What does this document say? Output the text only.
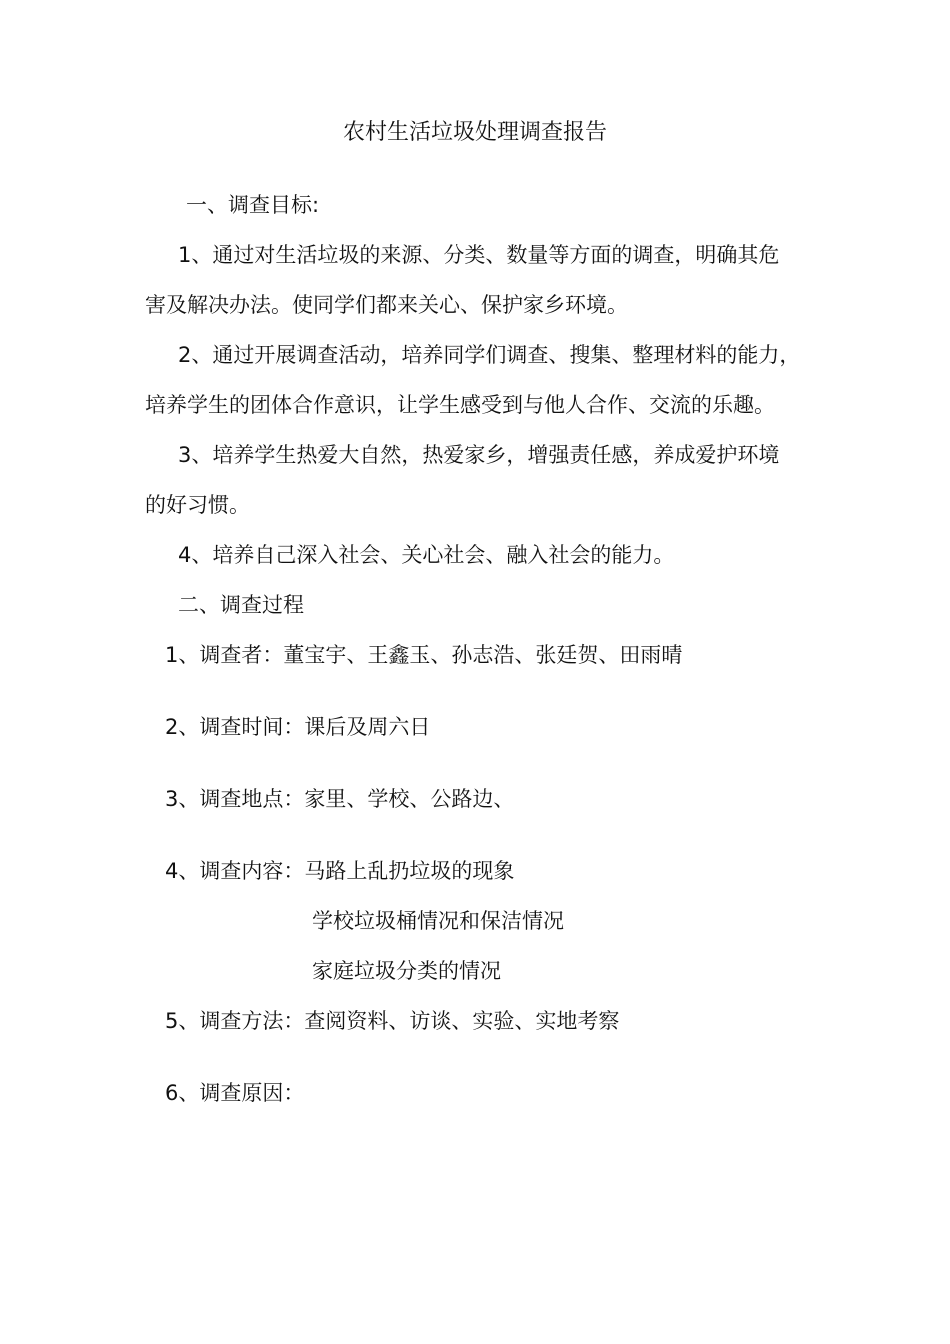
农村生活垃圾处理调查报告

一、调查目标:

1、通过对生活垃圾的来源、分类、数量等方面的调查，明确其危

害及解决办法。使同学们都来关心、保护家乡环境。

2、通过开展调查活动，培养同学们调查、搜集、整理材料的能力，

培养学生的团体合作意识，让学生感受到与他人合作、交流的乐趣。

3、培养学生热爱大自然，热爱家乡，增强责任感，养成爱护环境

的好习惯。

4、培养自己深入社会、关心社会、融入社会的能力。

二、调查过程

1、调查者：董宝宇、王鑫玉、孙志浩、张廷贺、田雨晴

2、调查时间：课后及周六日

3、调查地点：家里、学校、公路边、

4、调查内容：马路上乱扔垃圾的现象

学校垃圾桶情况和保洁情况

家庭垃圾分类的情况

5、调查方法：查阅资料、访谈、实验、实地考察

6、调查原因：
